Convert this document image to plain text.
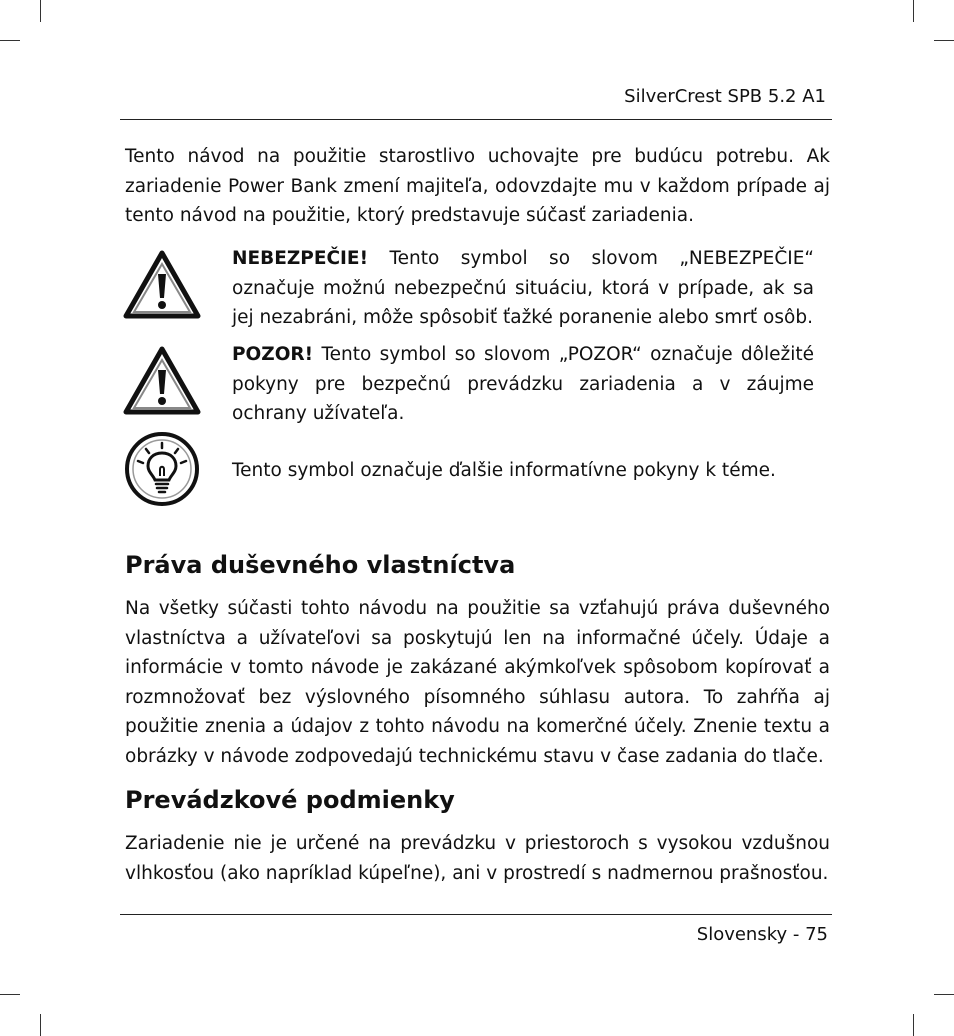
SilverCrest SPB 5.2 A1
Tento návod na použitie starostlivo uchovajte pre budúcu potrebu. Ak zariadenie Power Bank zmení majiteľa, odovzdajte mu v každom prípade aj tento návod na použitie, ktorý predstavuje súčasť zariadenia.
NEBEZPEČIE! Tento symbol so slovom „NEBEZPEČIE“ označuje možnú nebezpečnú situáciu, ktorá v prípade, ak sa jej nezabráni, môže spôsobiť ťažké poranenie alebo smrť osôb.
POZOR! Tento symbol so slovom „POZOR“ označuje dôležité pokyny pre bezpečnú prevádzku zariadenia a v záujme ochrany užívateľa.
Tento symbol označuje ďalšie informatívne pokyny k téme.
Práva duševného vlastníctva
Na všetky súčasti tohto návodu na použitie sa vzťahujú práva duševného vlastníctva a užívateľovi sa poskytujú len na informačné účely. Údaje a informácie v tomto návode je zakázané akýmkoľvek spôsobom kopírovať a rozmnožovať bez výslovného písomného súhlasu autora. To zahŕňa aj použitie znenia a údajov z tohto návodu na komerčné účely. Znenie textu a obrázky v návode zodpovedajú technickému stavu v čase zadania do tlače.
Prevádzkové podmienky
Zariadenie nie je určené na prevádzku v priestoroch s vysokou vzdušnou vlhkosťou (ako napríklad kúpeľne), ani v prostredí s nadmernou prašnosťou.
Slovensky - 75
